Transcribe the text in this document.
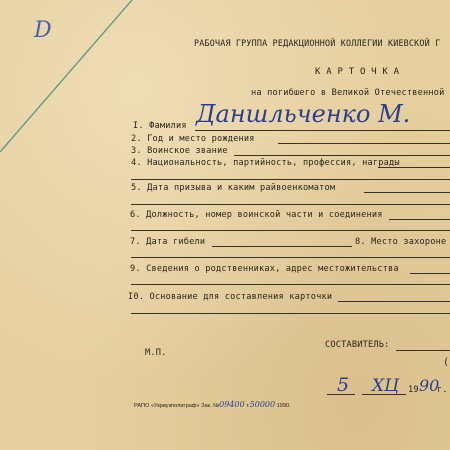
D	РАБОЧАЯ ГРУППА РЕДАКЦИОННОЙ КОЛЛЕГИИ КИЕВСКОЙ Г
К А Р Т О Ч К А
на погибшего в Великой Отечественной
I. Фамилия Даншльченко М.
2. Год и место рождения
3. Воинское звание
4. Национальность, партийность, профессия, награды
5. Дата призыва и каким райвоенкоматом
6. Должность, номер воинской части и соединения
7. Дата гибели	8. Место захороне
9. Сведения о родственниках, адрес местожительства
I0. Основание для составления карточки
М.П.
СОСТАВИТЕЛЬ:
(
5 ХЦ 19 90
г.
РАПО «Укрвузполиграф» Зак. №09400 т.50000 1990.
